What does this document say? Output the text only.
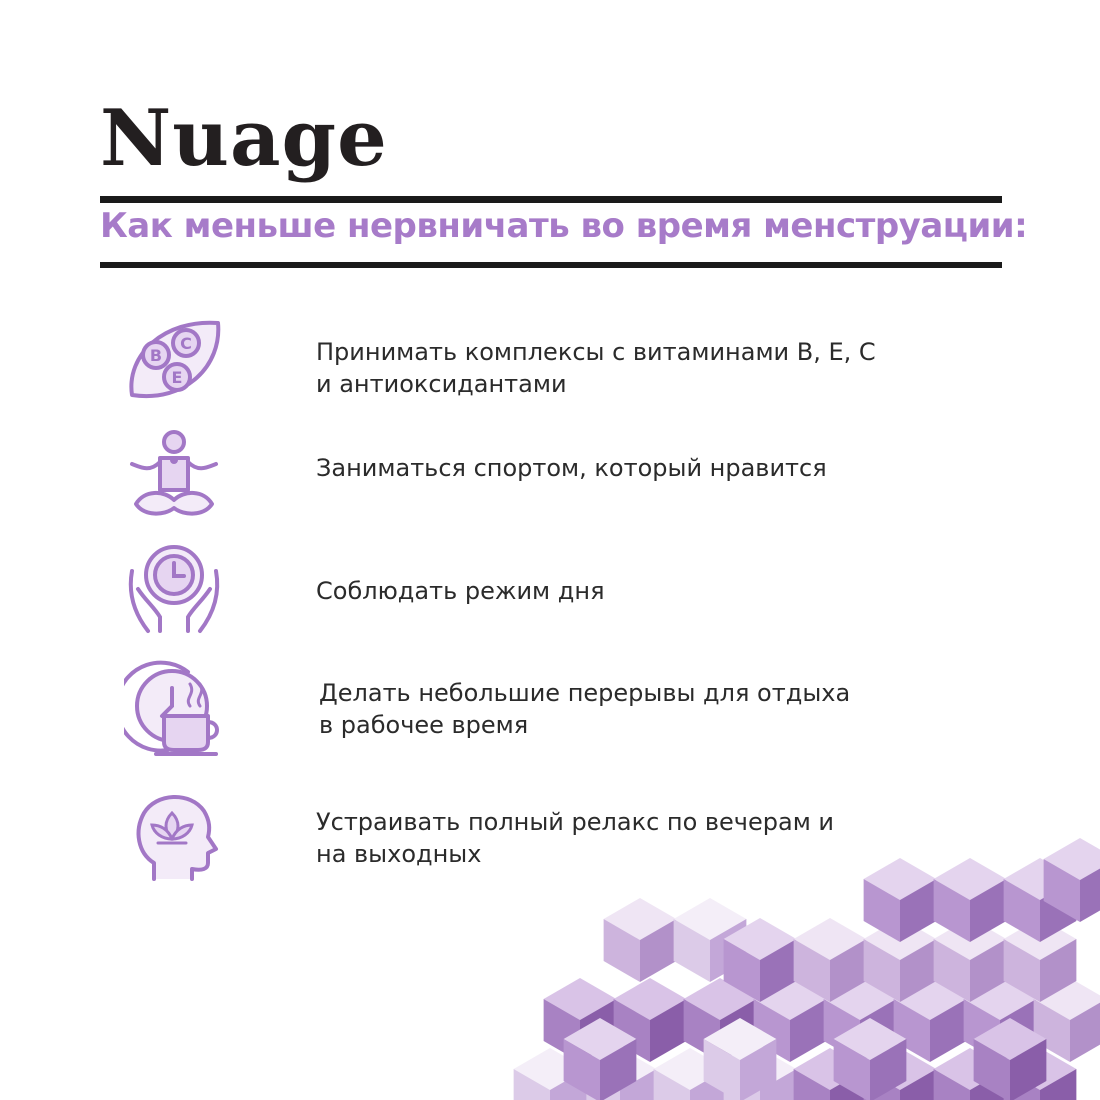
Nuage
Как меньше нервничать во время менструации:
B
C
E
Принимать комплексы с витаминами B, E, C
и антиоксидантами
Заниматься спортом, который нравится
Соблюдать режим дня
Делать небольшие перерывы для отдыха
в рабочее время
Устраивать полный релакс по вечерам и
на выходных
